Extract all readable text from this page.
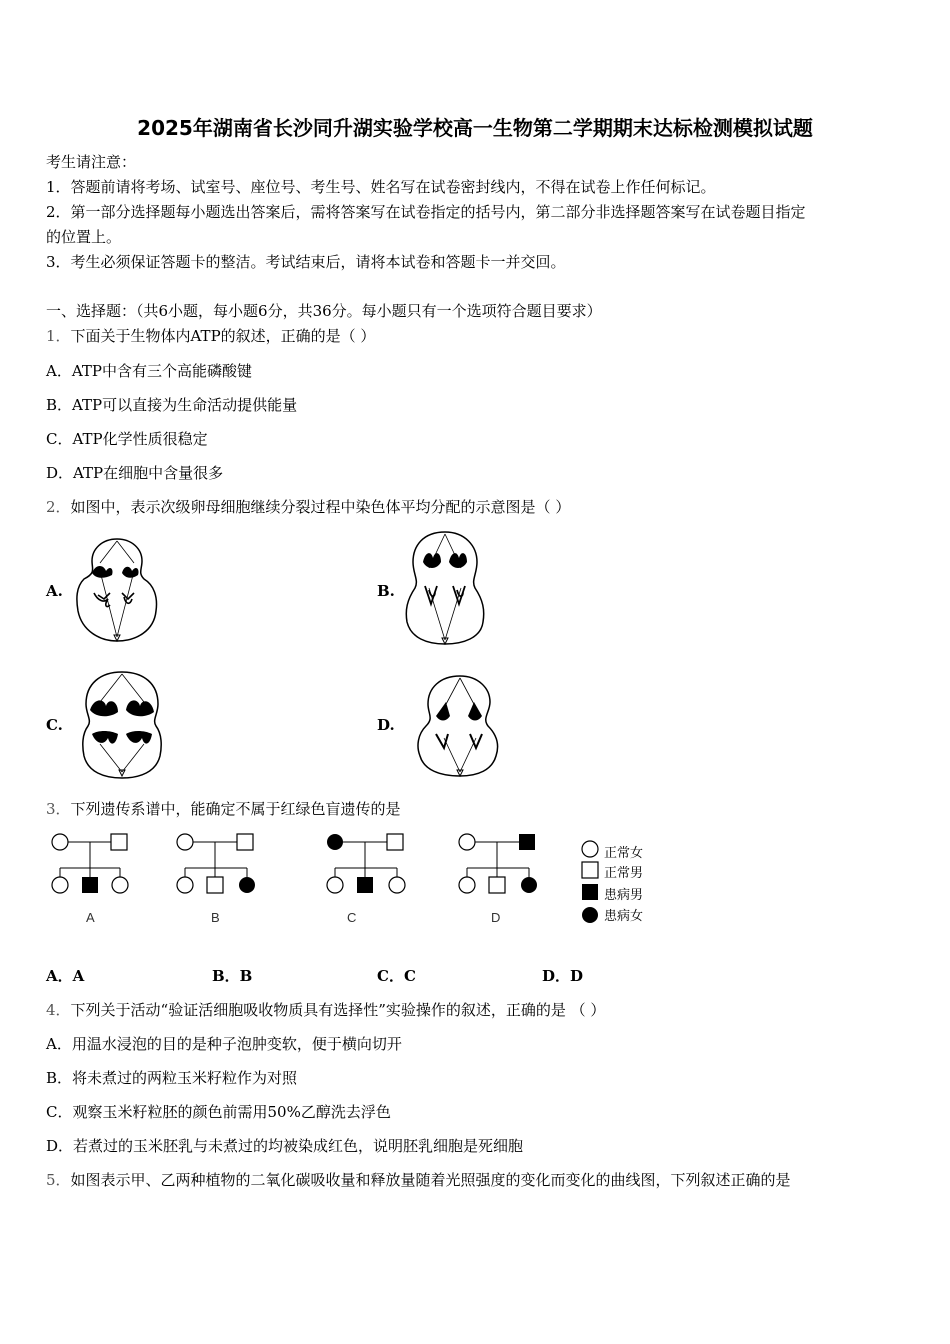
2025年湖南省长沙同升湖实验学校高一生物第二学期期末达标检测模拟试题
考生请注意：
1．答题前请将考场、试室号、座位号、考生号、姓名写在试卷密封线内，不得在试卷上作任何标记。
2．第一部分选择题每小题选出答案后，需将答案写在试卷指定的括号内，第二部分非选择题答案写在试卷题目指定
的位置上。
3．考生必须保证答题卡的整洁。考试结束后，请将本试卷和答题卡一并交回。
一、选择题：（共6小题，每小题6分，共36分。每小题只有一个选项符合题目要求）
1．下面关于生物体内ATP的叙述，正确的是（ ）
A．ATP中含有三个高能磷酸键
B．ATP可以直接为生命活动提供能量
C．ATP化学性质很稳定
D．ATP在细胞中含量很多
2．如图中，表示次级卵母细胞继续分裂过程中染色体平均分配的示意图是（ ）
A.	B.
C.	D.
3．下列遗传系谱中，能确定不属于红绿色盲遗传的是
A	B	C	D
正常女
正常男
患病男
患病女
A．A	B．B	C．C	D．D
4．下列关于活动“验证活细胞吸收物质具有选择性”实验操作的叙述，正确的是 （ ）
A．用温水浸泡的目的是种子泡肿变软，便于横向切开
B．将未煮过的两粒玉米籽粒作为对照
C．观察玉米籽粒胚的颜色前需用50%乙醇洗去浮色
D．若煮过的玉米胚乳与未煮过的均被染成红色，说明胚乳细胞是死细胞
5．如图表示甲、乙两种植物的二氧化碳吸收量和释放量随着光照强度的变化而变化的曲线图，下列叙述正确的是
